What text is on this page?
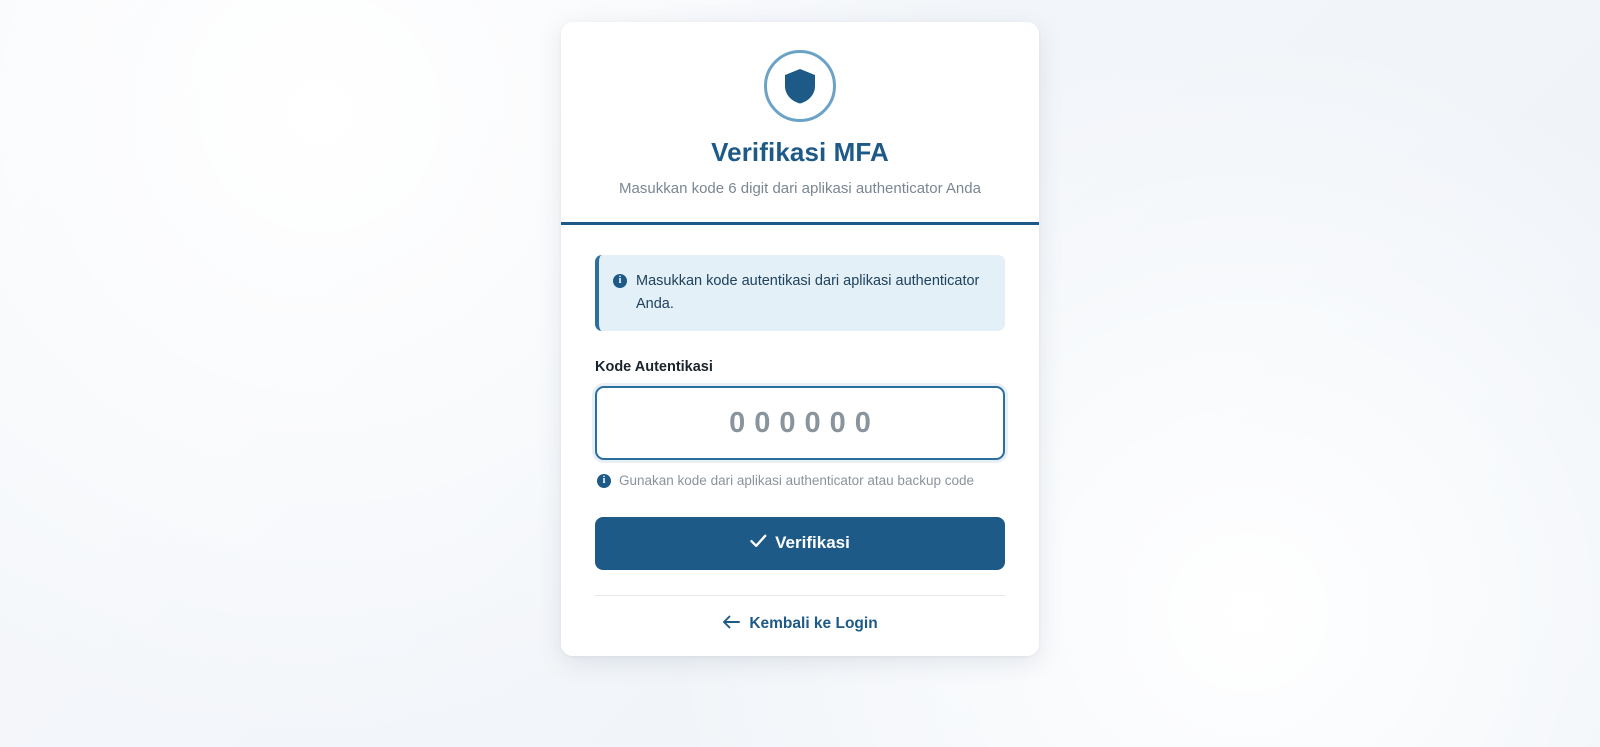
Verifikasi MFA

Masukkan kode 6 digit dari aplikasi authenticator Anda

i	Masukkan kode autentikasi dari aplikasi authenticator Anda.
Kode Autentikasi
000000
i	Gunakan kode dari aplikasi authenticator atau backup code
Verifikasi
Kembali ke Login
